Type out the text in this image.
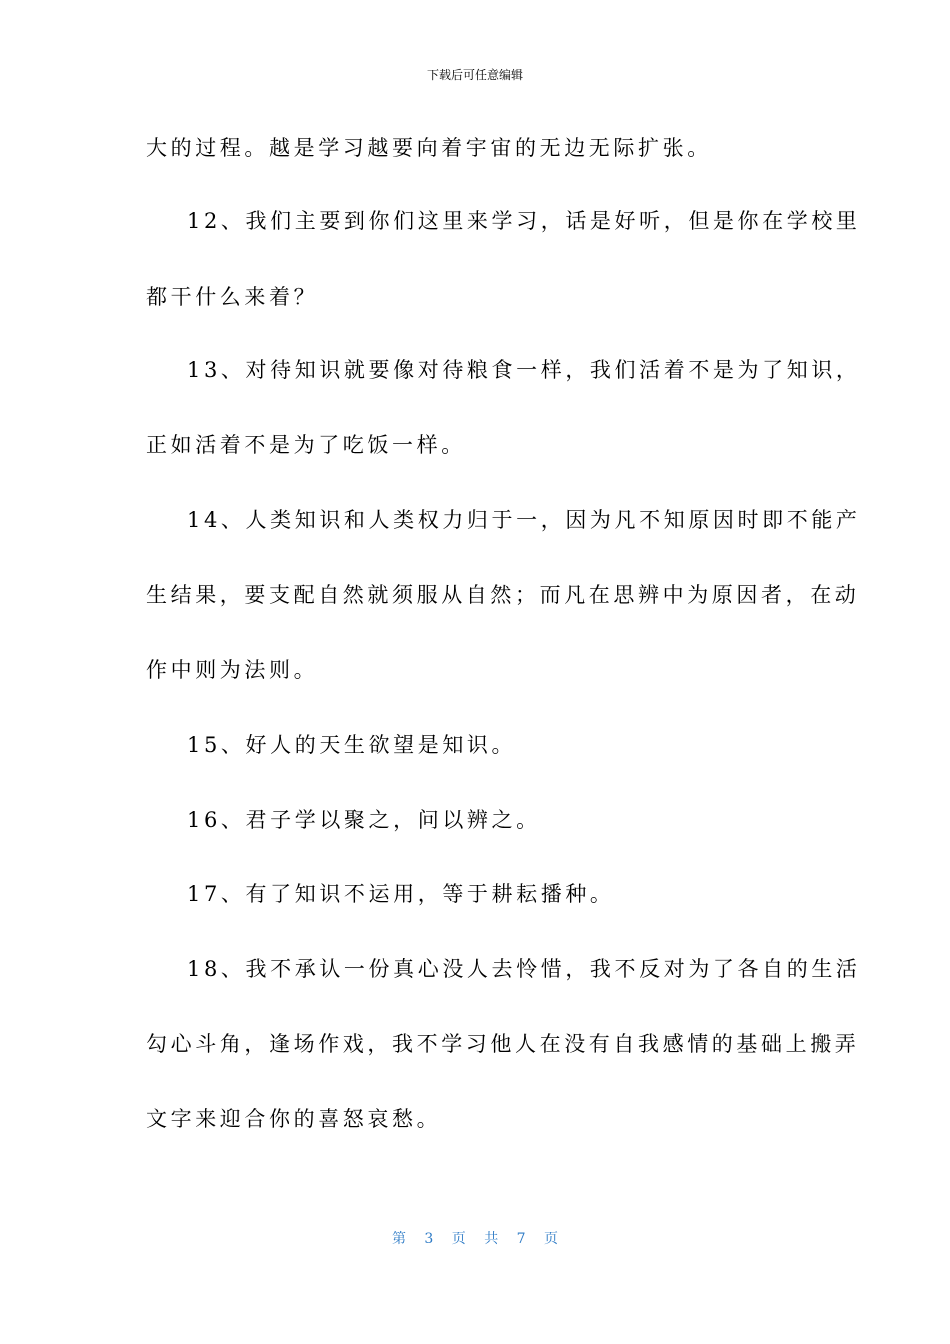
下载后可任意编辑
大的过程。越是学习越要向着宇宙的无边无际扩张。
12、我们主要到你们这里来学习，话是好听，但是你在学校里
都干什么来着？
13、对待知识就要像对待粮食一样，我们活着不是为了知识，
正如活着不是为了吃饭一样。
14、人类知识和人类权力归于一，因为凡不知原因时即不能产
生结果，要支配自然就须服从自然；而凡在思辨中为原因者，在动
作中则为法则。
15、好人的天生欲望是知识。
16、君子学以聚之，问以辨之。
17、有了知识不运用，等于耕耘播种。
18、我不承认一份真心没人去怜惜，我不反对为了各自的生活
勾心斗角，逢场作戏，我不学习他人在没有自我感情的基础上搬弄
文字来迎合你的喜怒哀愁。
第 3 页 共 7 页
